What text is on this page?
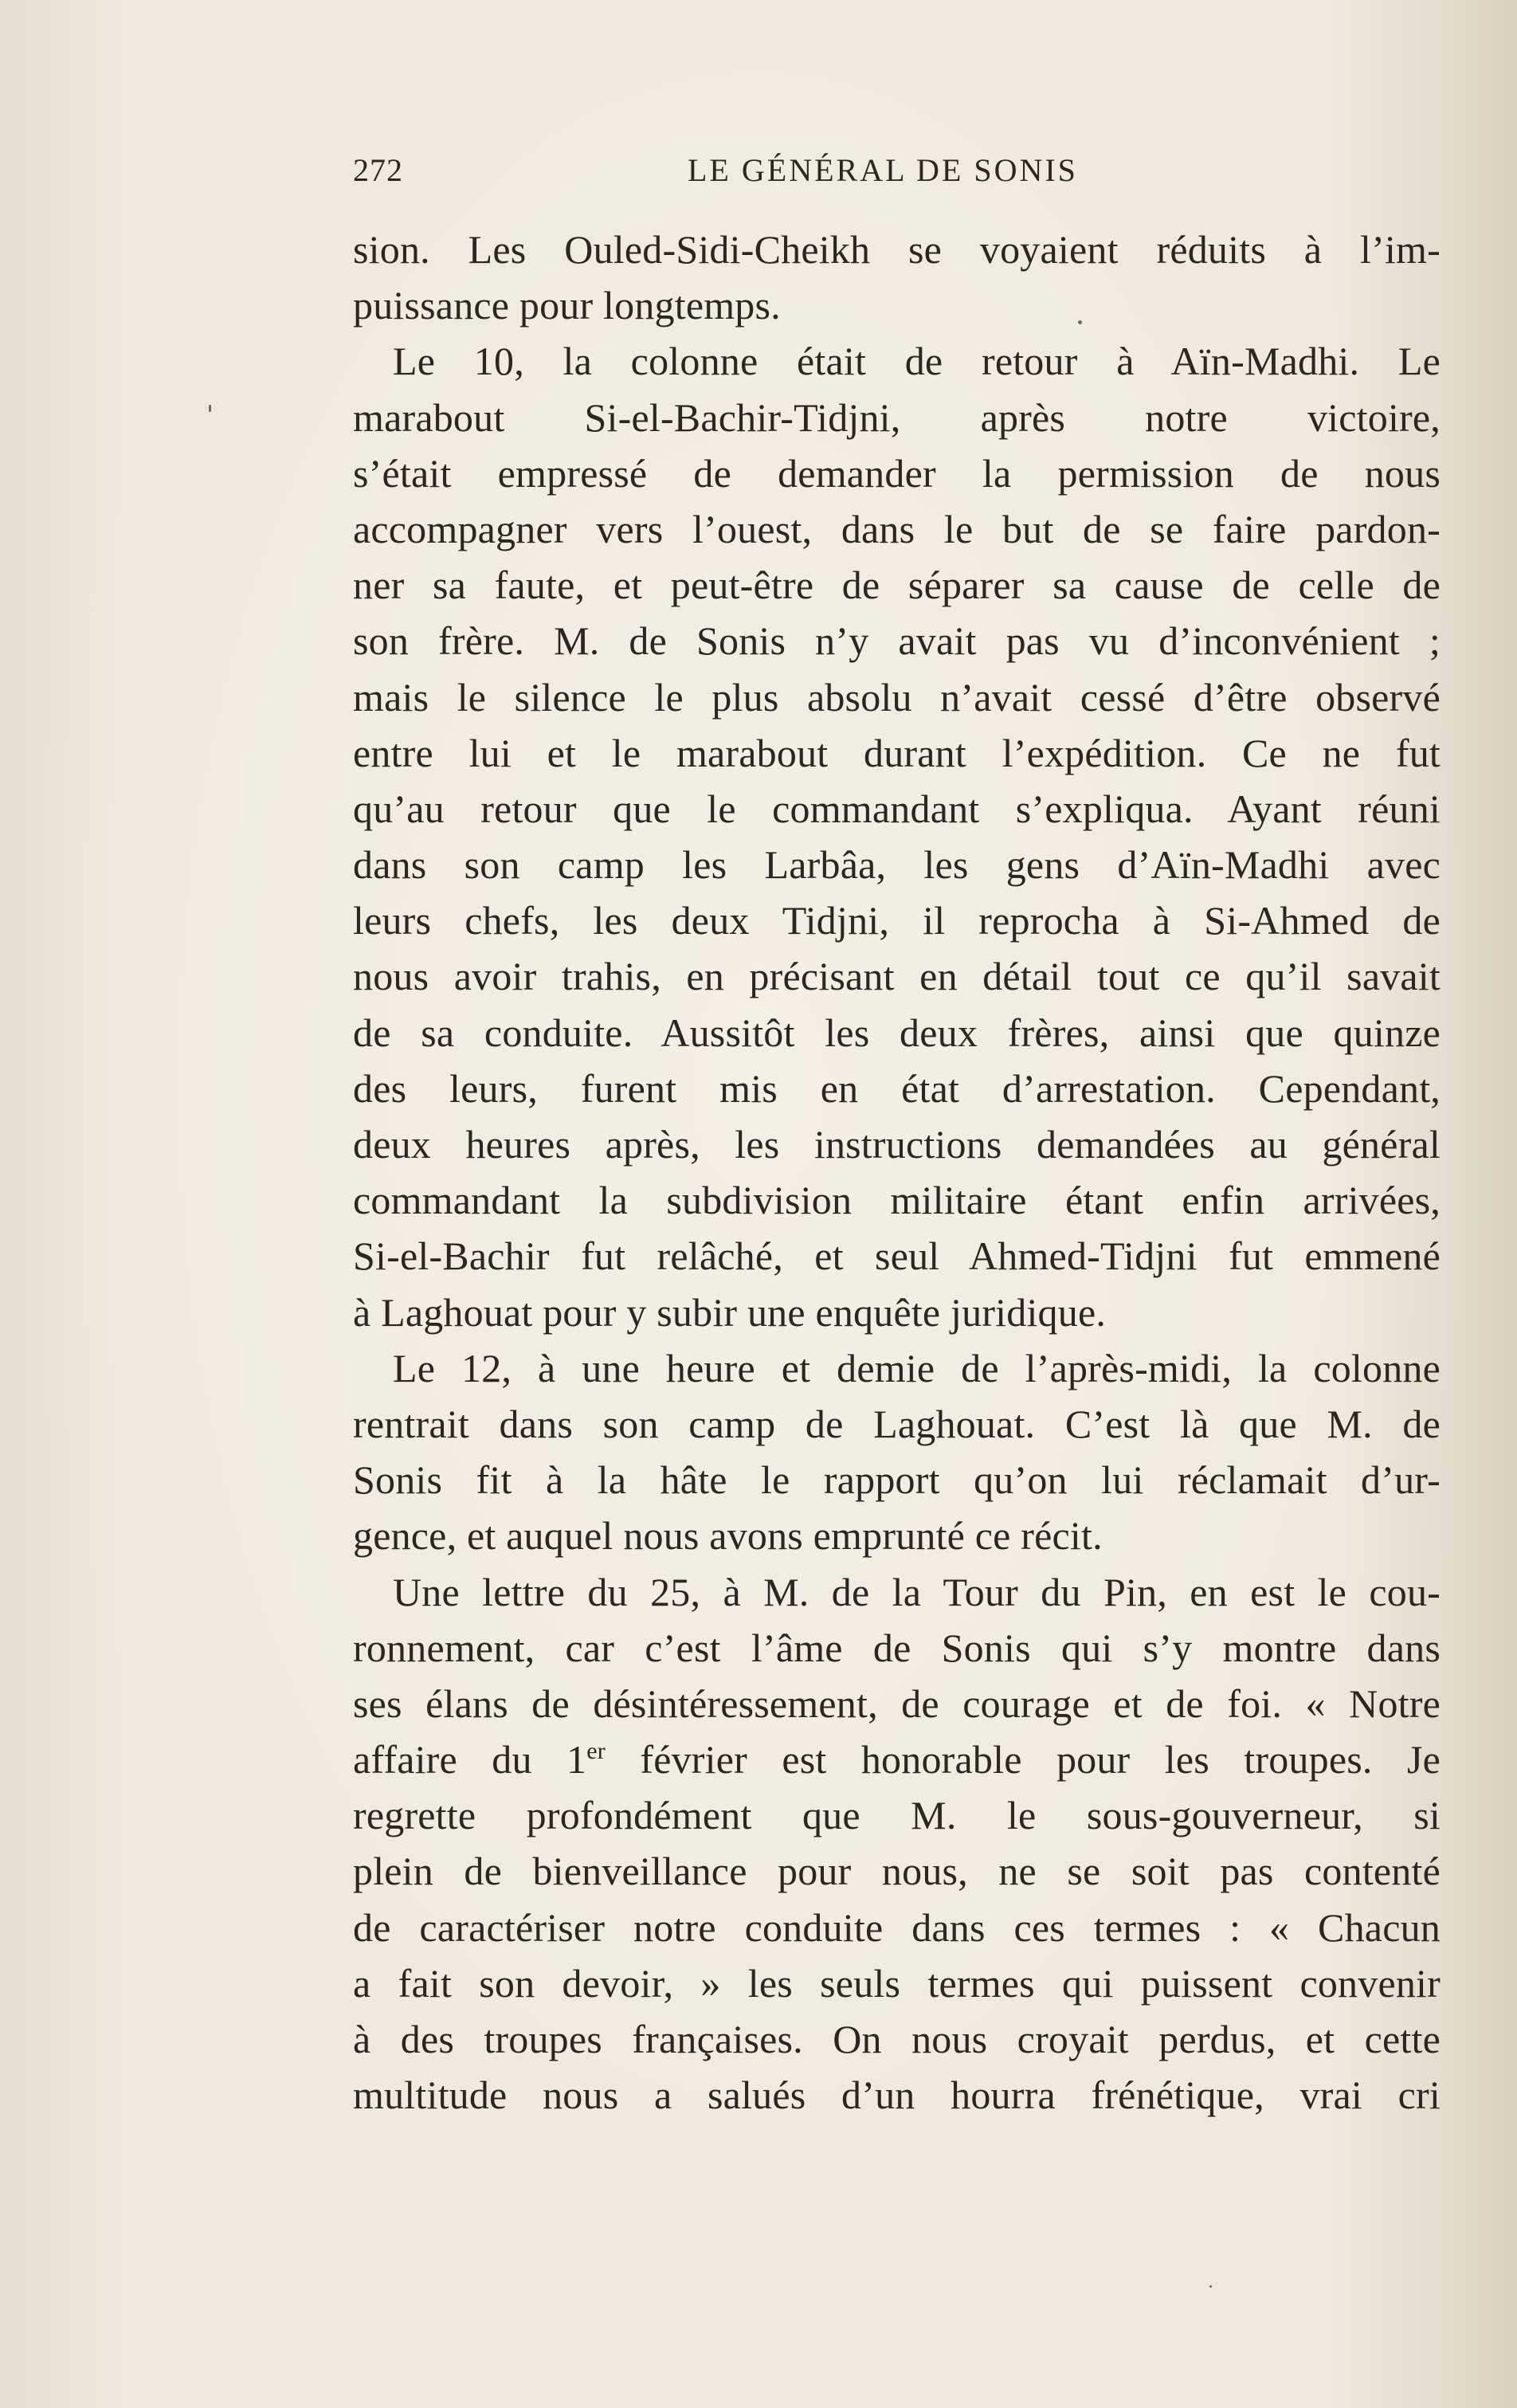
272	LE GÉNÉRAL DE SONIS
sion. Les Ouled-Sidi-Cheikh se voyaient réduits à l’im-
puissance pour longtemps.
Le 10, la colonne était de retour à Aïn-Madhi. Le
marabout Si-el-Bachir-Tidjni, après notre victoire,
s’était empressé de demander la permission de nous
accompagner vers l’ouest, dans le but de se faire pardon-
ner sa faute, et peut-être de séparer sa cause de celle de
son frère. M. de Sonis n’y avait pas vu d’inconvénient ;
mais le silence le plus absolu n’avait cessé d’être observé
entre lui et le marabout durant l’expédition. Ce ne fut
qu’au retour que le commandant s’expliqua. Ayant réuni
dans son camp les Larbâa, les gens d’Aïn-Madhi avec
leurs chefs, les deux Tidjni, il reprocha à Si-Ahmed de
nous avoir trahis, en précisant en détail tout ce qu’il savait
de sa conduite. Aussitôt les deux frères, ainsi que quinze
des leurs, furent mis en état d’arrestation. Cependant,
deux heures après, les instructions demandées au général
commandant la subdivision militaire étant enfin arrivées,
Si-el-Bachir fut relâché, et seul Ahmed-Tidjni fut emmené
à Laghouat pour y subir une enquête juridique.
Le 12, à une heure et demie de l’après-midi, la colonne
rentrait dans son camp de Laghouat. C’est là que M. de
Sonis fit à la hâte le rapport qu’on lui réclamait d’ur-
gence, et auquel nous avons emprunté ce récit.
Une lettre du 25, à M. de la Tour du Pin, en est le cou-
ronnement, car c’est l’âme de Sonis qui s’y montre dans
ses élans de désintéressement, de courage et de foi. « Notre
affaire du 1er février est honorable pour les troupes. Je
regrette profondément que M. le sous-gouverneur, si
plein de bienveillance pour nous, ne se soit pas contenté
de caractériser notre conduite dans ces termes : « Chacun
a fait son devoir, » les seuls termes qui puissent convenir
à des troupes françaises. On nous croyait perdus, et cette
multitude nous a salués d’un hourra frénétique, vrai cri
